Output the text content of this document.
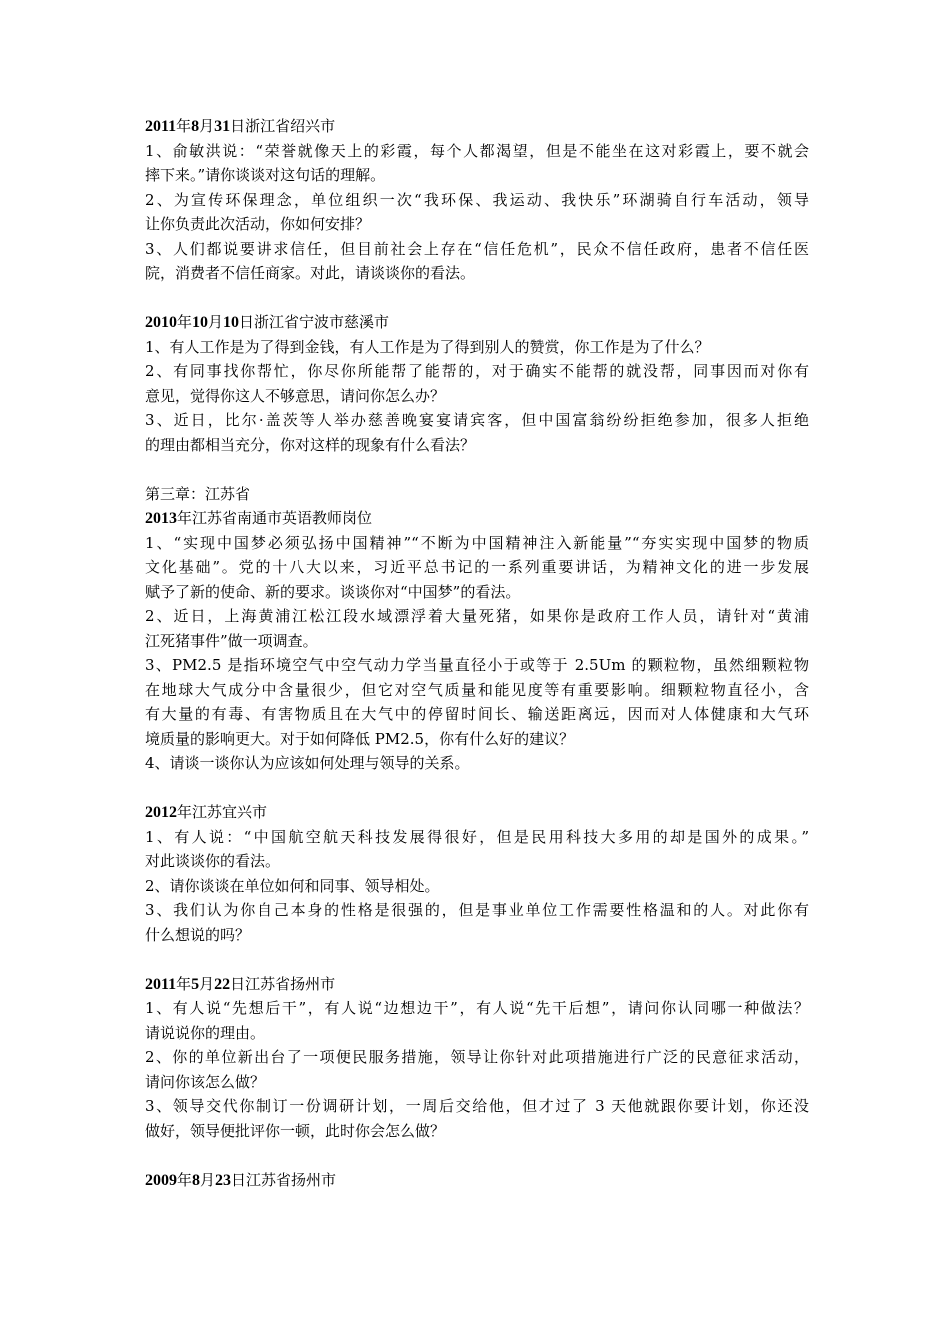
2011年8月31日浙江省绍兴市
1、俞敏洪说：“荣誉就像天上的彩霞，每个人都渴望，但是不能坐在这对彩霞上，要不就会
摔下来。”请你谈谈对这句话的理解。
2、为宣传环保理念，单位组织一次“我环保、我运动、我快乐”环湖骑自行车活动，领导
让你负责此次活动，你如何安排？
3、人们都说要讲求信任，但目前社会上存在“信任危机”，民众不信任政府，患者不信任医
院，消费者不信任商家。对此，请谈谈你的看法。
2010年10月10日浙江省宁波市慈溪市
1、有人工作是为了得到金钱，有人工作是为了得到别人的赞赏，你工作是为了什么？
2、有同事找你帮忙，你尽你所能帮了能帮的，对于确实不能帮的就没帮，同事因而对你有
意见，觉得你这人不够意思，请问你怎么办？
3、近日，比尔·盖茨等人举办慈善晚宴宴请宾客，但中国富翁纷纷拒绝参加，很多人拒绝
的理由都相当充分，你对这样的现象有什么看法？
第三章：江苏省
2013年江苏省南通市英语教师岗位
1、“实现中国梦必须弘扬中国精神”“不断为中国精神注入新能量”“夯实实现中国梦的物质
文化基础”。党的十八大以来，习近平总书记的一系列重要讲话，为精神文化的进一步发展
赋予了新的使命、新的要求。谈谈你对“中国梦”的看法。
2、近日，上海黄浦江松江段水域漂浮着大量死猪，如果你是政府工作人员，请针对“黄浦
江死猪事件”做一项调查。
3、PM2.5 是指环境空气中空气动力学当量直径小于或等于 2.5Um 的颗粒物，虽然细颗粒物
在地球大气成分中含量很少，但它对空气质量和能见度等有重要影响。细颗粒物直径小，含
有大量的有毒、有害物质且在大气中的停留时间长、输送距离远，因而对人体健康和大气环
境质量的影响更大。对于如何降低 PM2.5，你有什么好的建议？
4、请谈一谈你认为应该如何处理与领导的关系。
2012年江苏宜兴市
1、有人说：“中国航空航天科技发展得很好，但是民用科技大多用的却是国外的成果。”
对此谈谈你的看法。
2、请你谈谈在单位如何和同事、领导相处。
3、我们认为你自己本身的性格是很强的，但是事业单位工作需要性格温和的人。对此你有
什么想说的吗？
2011年5月22日江苏省扬州市
1、有人说“先想后干”，有人说“边想边干”，有人说“先干后想”，请问你认同哪一种做法？
请说说你的理由。
2、你的单位新出台了一项便民服务措施，领导让你针对此项措施进行广泛的民意征求活动，
请问你该怎么做？
3、领导交代你制订一份调研计划，一周后交给他，但才过了 3 天他就跟你要计划，你还没
做好，领导便批评你一顿，此时你会怎么做？
2009年8月23日江苏省扬州市
